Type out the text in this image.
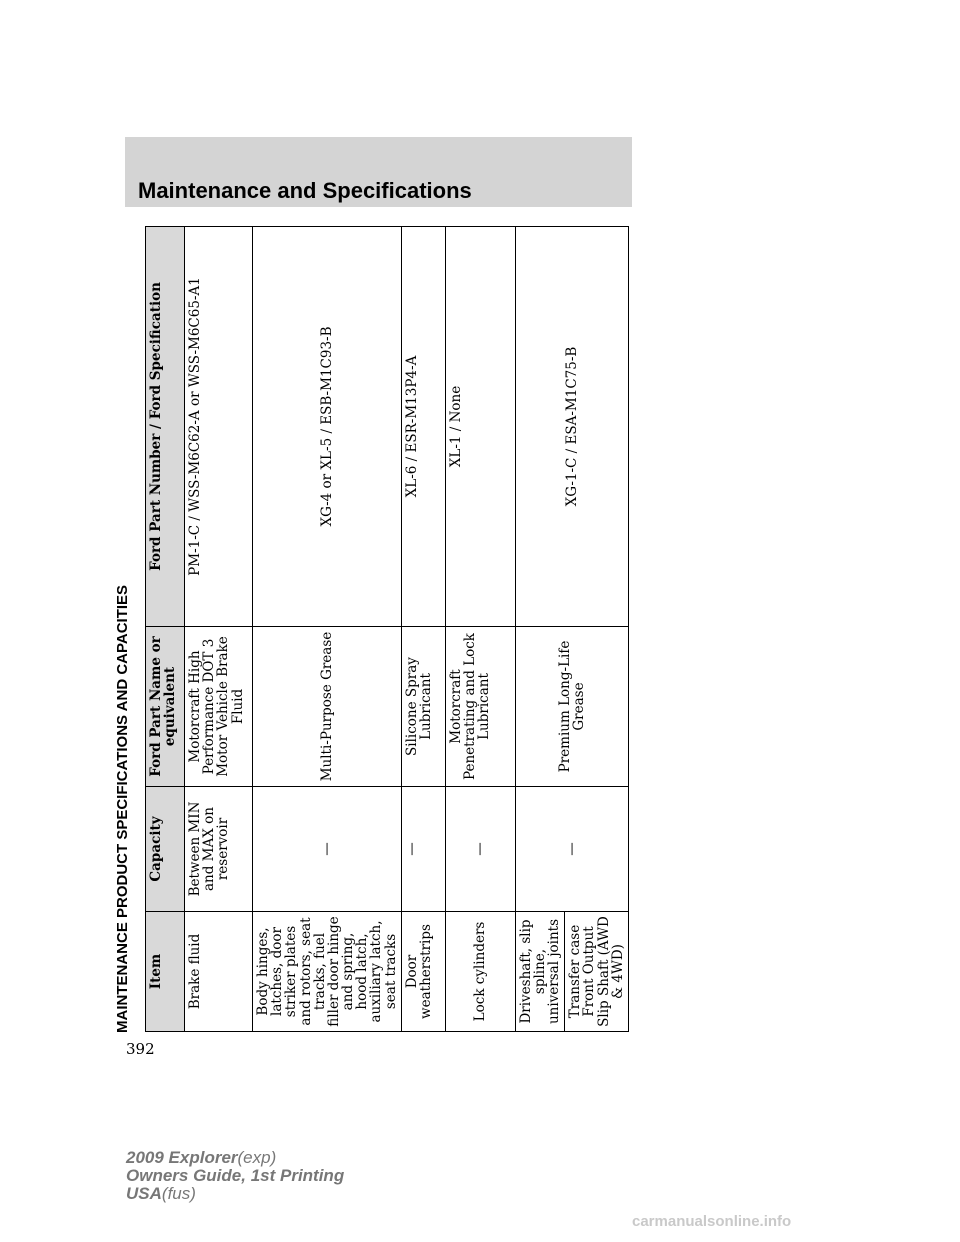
Maintenance and Specifications
MAINTENANCE PRODUCT SPECIFICATIONS AND CAPACITIES Item	Capacity	Ford Part Name or equivalent	Ford Part Number / Ford Specification
Brake fluid	Between MIN and MAX on reservoir	Motorcraft High Performance DOT 3 Motor Vehicle Brake Fluid	PM-1-C / WSS-M6C62-A or WSS-M6C65-A1
Body hinges, latches, door striker plates and rotors, seat tracks, fuel filler door hinge and spring, hood latch, auxiliary latch, seat tracks	—	Multi-Purpose Grease	XG-4 or XL-5 / ESB-M1C93-B
Door weatherstrips	—	Silicone Spray Lubricant	XL-6 / ESR-M13P4-A
Lock cylinders	—	Motorcraft Penetrating and Lock Lubricant	XL-1 / None
Driveshaft, slip spline, universal joints	—	Premium Long-Life Grease	XG-1-C / ESA-M1C75-B
Transfer case Front Output Slip Shaft (AWD & 4WD)			
392
2009 Explorer(exp)
Owners Guide, 1st Printing
USA(fus)
carmanualsonline.info
